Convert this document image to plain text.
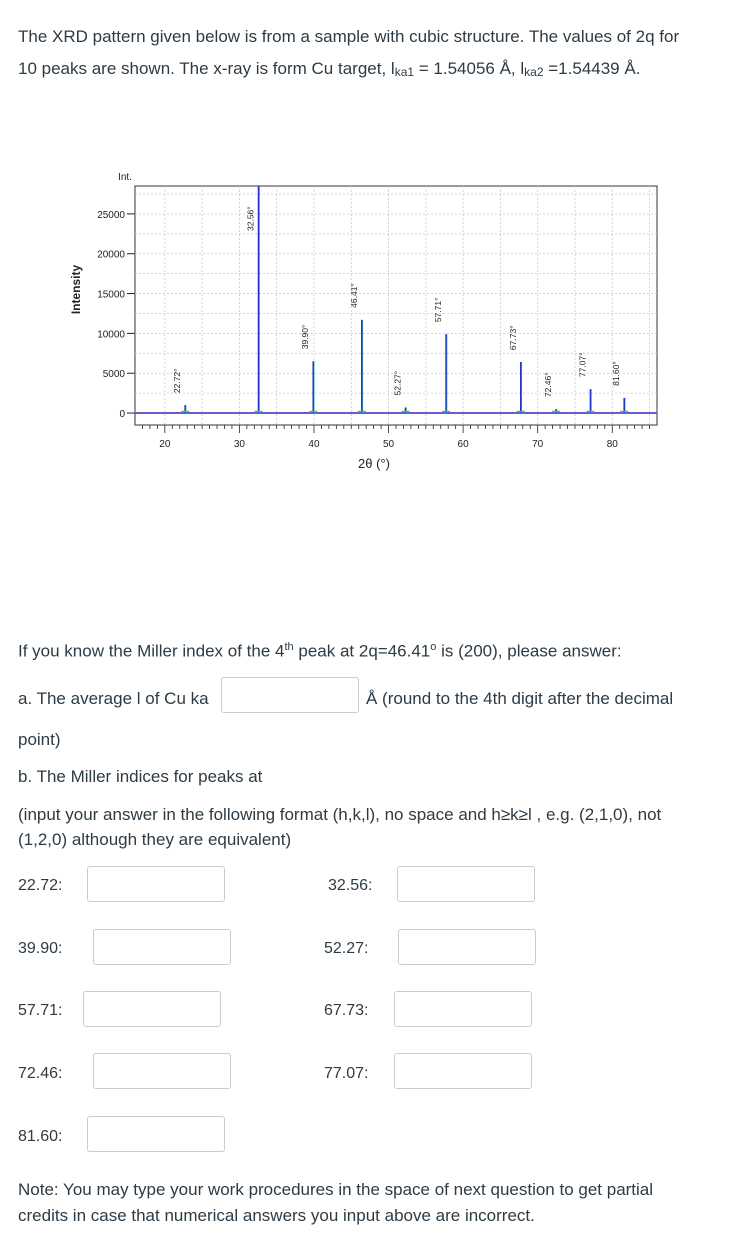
The XRD pattern given below is from a sample with cubic structure. The values of 2q for
10 peaks are shown. The x-ray is form Cu target, lka1 = 1.54056 Å, lka2 =1.54439 Å.
0
5000
10000
15000
20000
25000
20	30	40	50	60	70	80
Int.
Intensity
2θ (°)
22.72°
32.56°
39.90°
46.41°
52.27°
57.71°
67.73°
72.46°
77.07°	81.60°
If you know the Miller index of the 4th peak at $2q=46.41^o$ is (200), please answer:
a. The average l of Cu ka	Å (round to the 4th digit after the decimal
point)
b. The Miller indices for peaks at
(input your answer in the following format (h,k,l), no space and h≥k≥l , e.g. (2,1,0), not
(1,2,0) although they are equivalent)
22.72:	32.56:
39.90:	52.27:
57.71:	67.73:
72.46:	77.07:
81.60:
Note: You may type your work procedures in the space of next question to get partial
credits in case that numerical answers you input above are incorrect.
